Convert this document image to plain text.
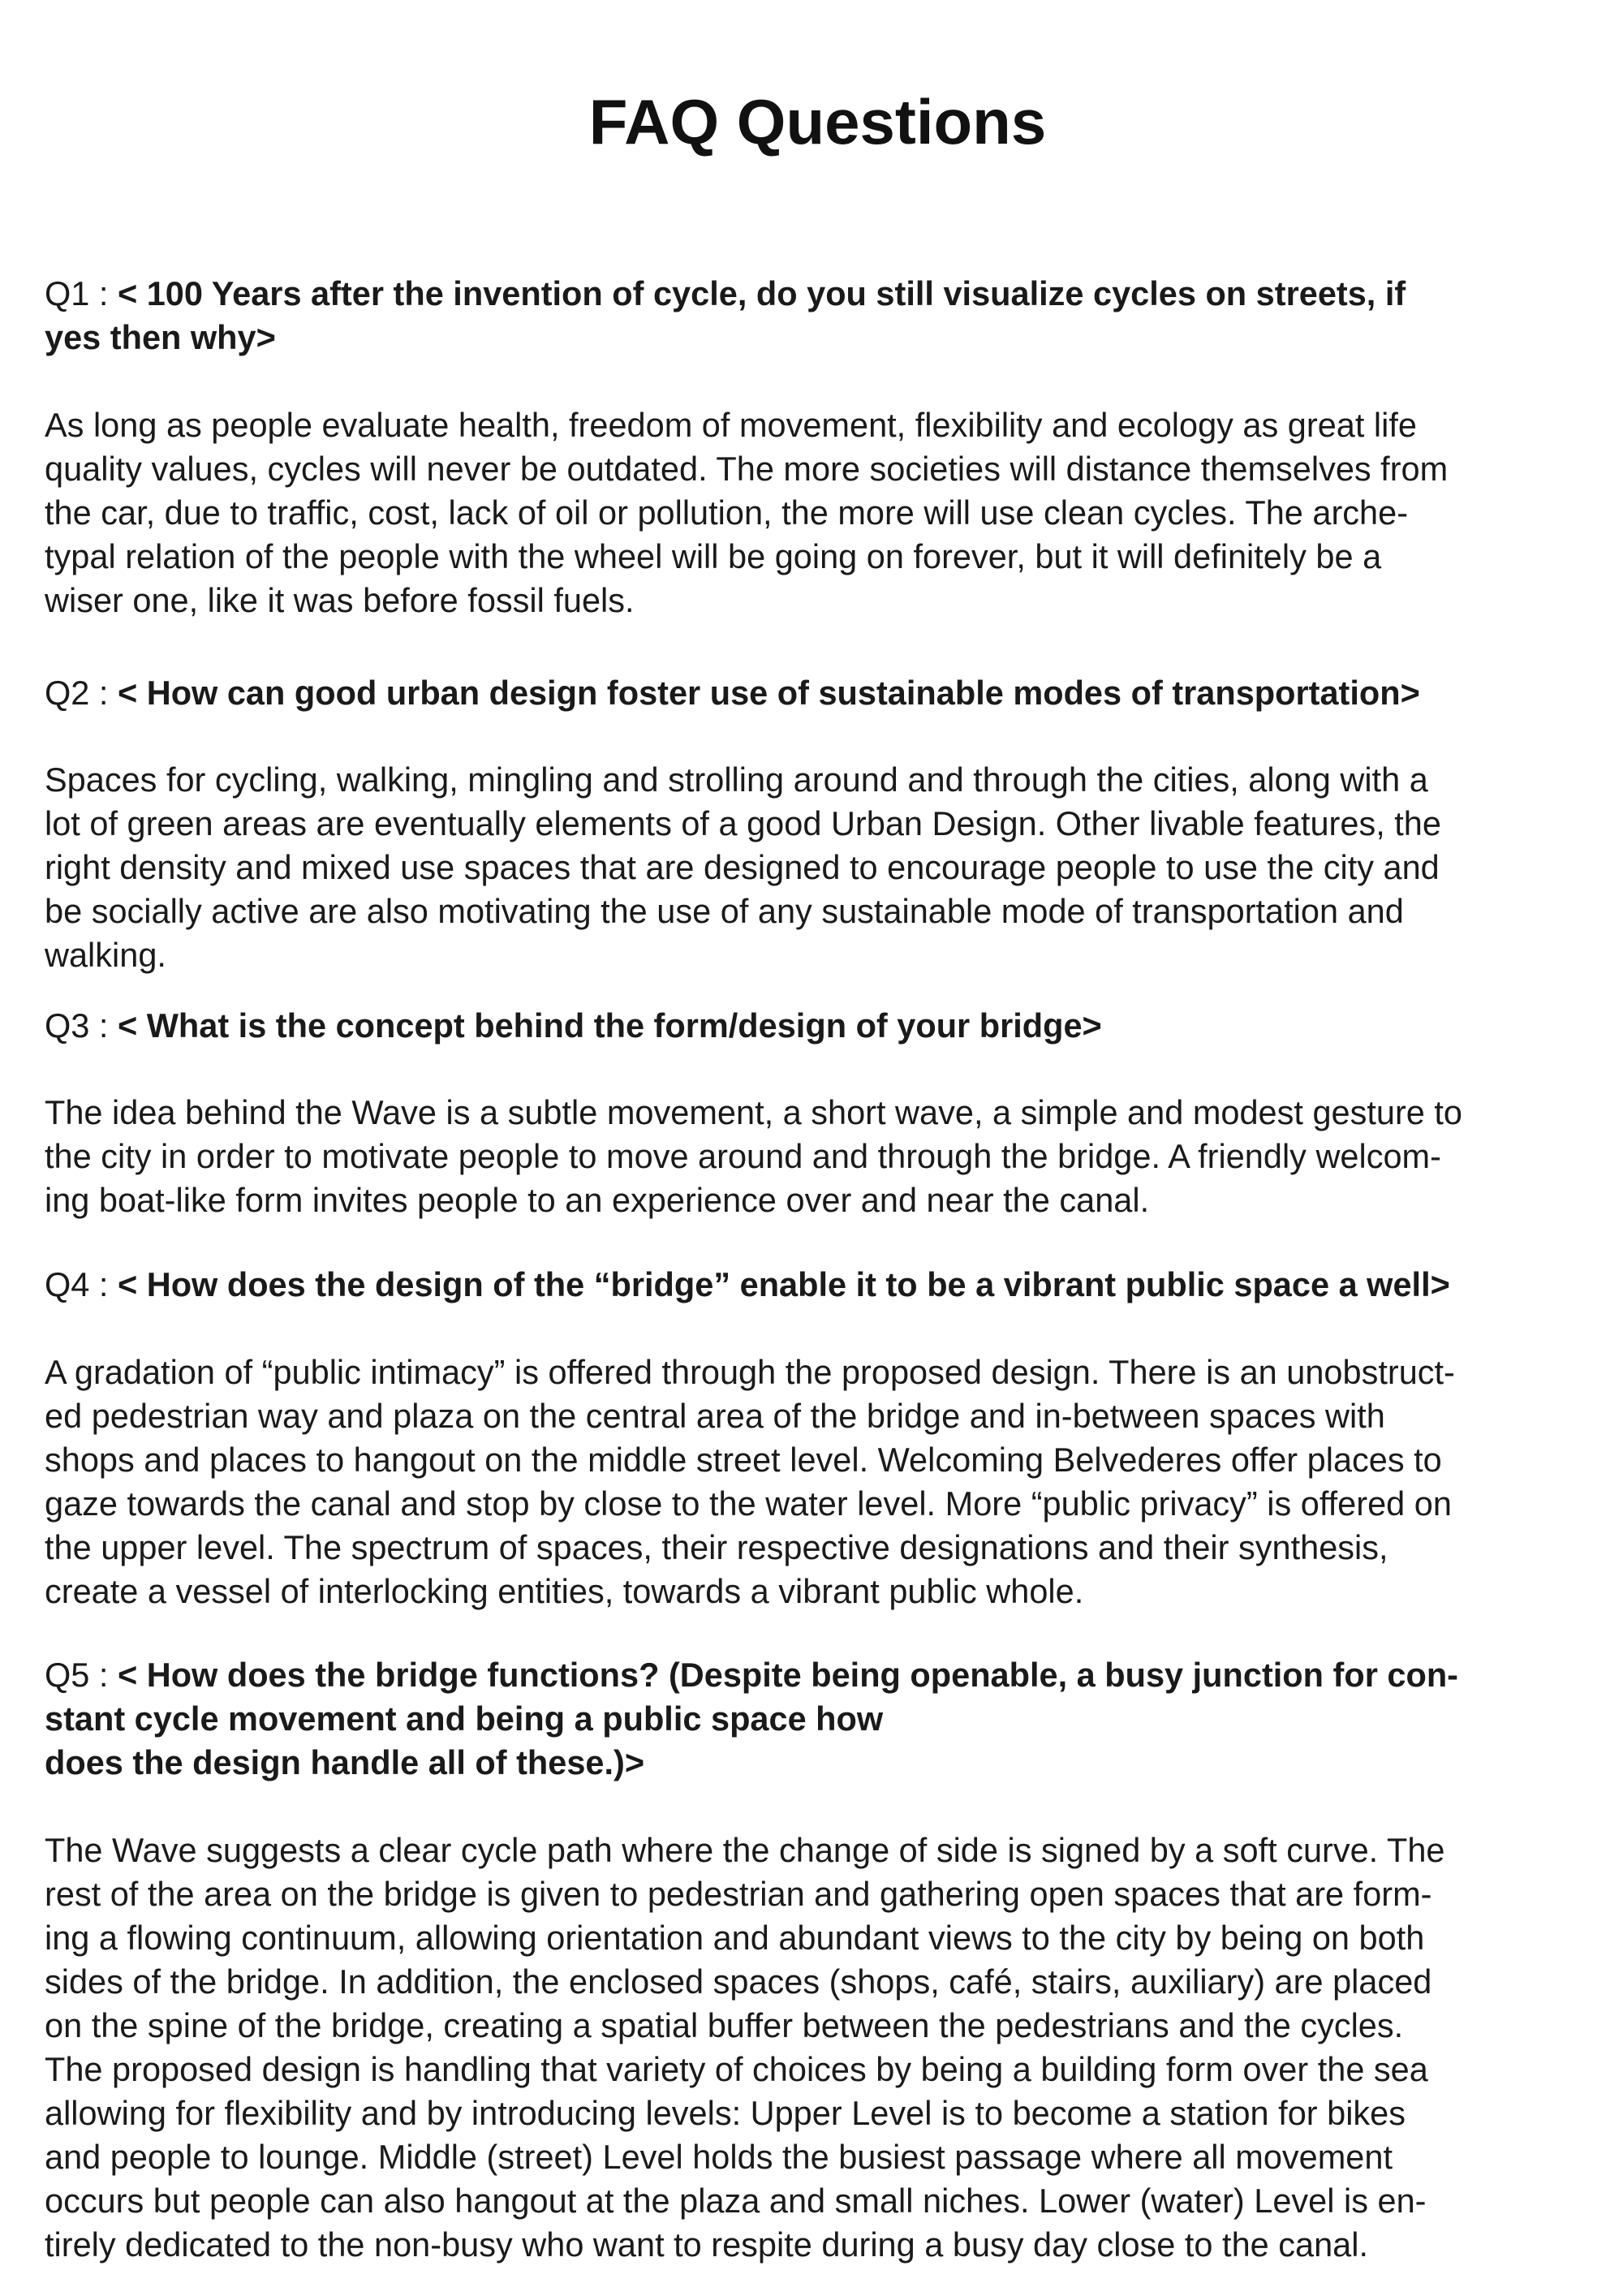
FAQ Questions
Q1 : < 100 Years after the invention of cycle, do you still visualize cycles on streets, if
yes then why>
As long as people evaluate health, freedom of movement, flexibility and ecology as great life
quality values, cycles will never be outdated. The more societies will distance themselves from
the car, due to traffic, cost, lack of oil or pollution, the more will use clean cycles. The arche-
typal relation of the people with the wheel will be going on forever, but it will definitely be a
wiser one, like it was before fossil fuels.
Q2 : < How can good urban design foster use of sustainable modes of transportation>
Spaces for cycling, walking, mingling and strolling around and through the cities, along with a
lot of green areas are eventually elements of a good Urban Design. Other livable features, the
right density and mixed use spaces that are designed to encourage people to use the city and
be socially active are also motivating the use of any sustainable mode of transportation and
walking.
Q3 : < What is the concept behind the form/design of your bridge>
The idea behind the Wave is a subtle movement, a short wave, a simple and modest gesture to
the city in order to motivate people to move around and through the bridge. A friendly welcom-
ing boat-like form invites people to an experience over and near the canal.
Q4 : < How does the design of the “bridge” enable it to be a vibrant public space a well>
A gradation of “public intimacy” is offered through the proposed design. There is an unobstruct-
ed pedestrian way and plaza on the central area of the bridge and in-between spaces with
shops and places to hangout on the middle street level. Welcoming Belvederes offer places to
gaze towards the canal and stop by close to the water level. More “public privacy” is offered on
the upper level. The spectrum of spaces, their respective designations and their synthesis,
create a vessel of interlocking entities, towards a vibrant public whole.
Q5 : < How does the bridge functions? (Despite being openable, a busy junction for con-
stant cycle movement and being a public space how
does the design handle all of these.)>
The Wave suggests a clear cycle path where the change of side is signed by a soft curve. The
rest of the area on the bridge is given to pedestrian and gathering open spaces that are form-
ing a flowing continuum, allowing orientation and abundant views to the city by being on both
sides of the bridge. In addition, the enclosed spaces (shops, café, stairs, auxiliary) are placed
on the spine of the bridge, creating a spatial buffer between the pedestrians and the cycles.
The proposed design is handling that variety of choices by being a building form over the sea
allowing for flexibility and by introducing levels: Upper Level is to become a station for bikes
and people to lounge. Middle (street) Level holds the busiest passage where all movement
occurs but people can also hangout at the plaza and small niches. Lower (water) Level is en-
tirely dedicated to the non-busy who want to respite during a busy day close to the canal.
